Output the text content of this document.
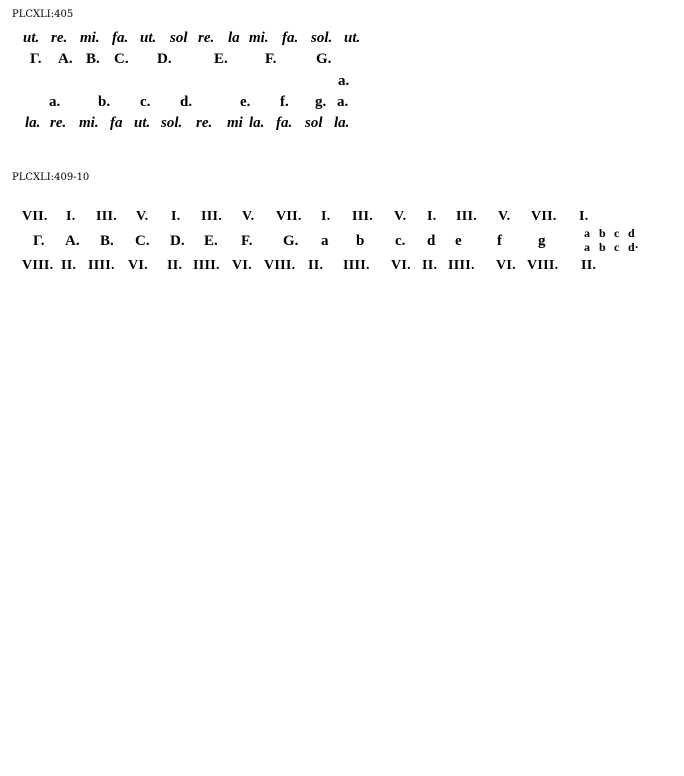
PLCXLI:405
ut. re. mi. fa. ut. sol re. la mi. fa. sol. ut.
Γ. A. B. C. D.	E. F.	G.
a.
a.	b. c. d.	e. f. g. a.
la. re. mi. fa ut. sol. re. mi la. fa. sol la.
PLCXLI:409-10
VII. I. III. V. I. III. V. VII. I. III. V. I. III. V. VII. I.
Γ. A. B. C. D. E. F. G. a b c. d e f g	a b c d
a b c d·
VIII. II. IIII. VI. II. IIII. VI. VIII. II. IIII. VI. II. IIII. VI. VIII. II.
